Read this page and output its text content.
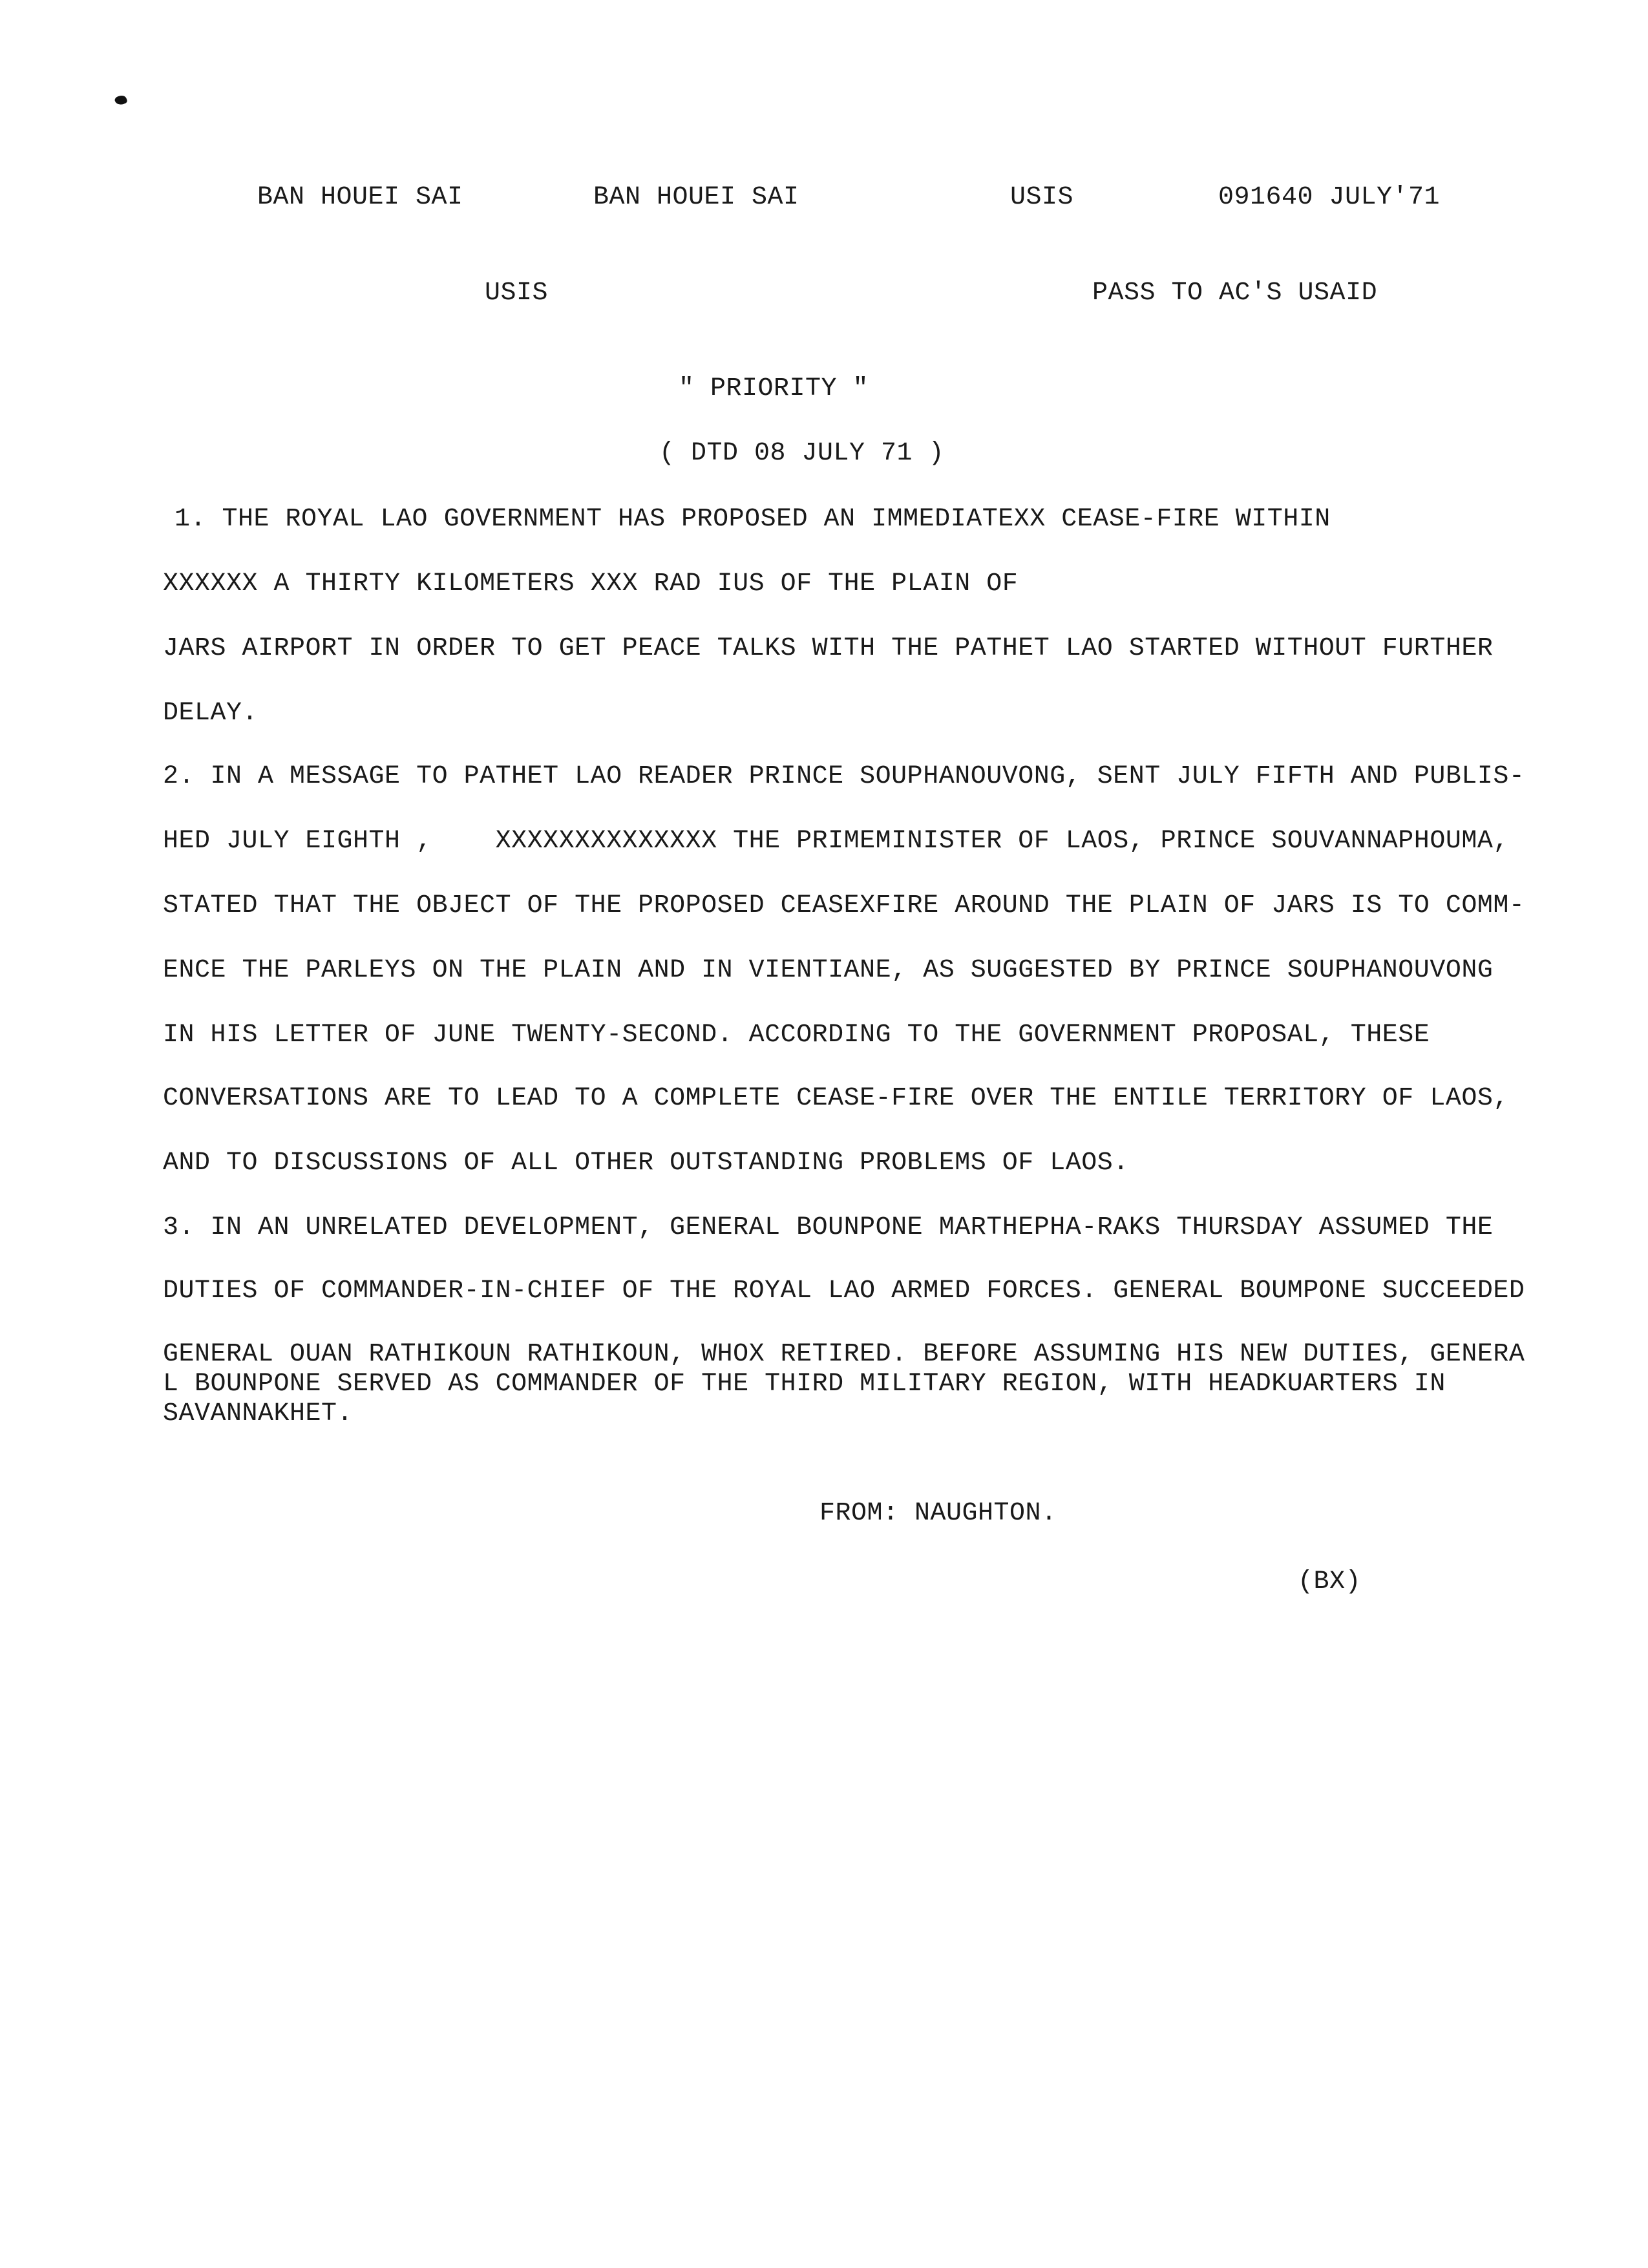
BAN HOUEI SAI	BAN HOUEI SAI	USIS	091640 JULY'71
USIS	PASS TO AC'S USAID
" PRIORITY "
( DTD 08 JULY 71 )
1. THE ROYAL LAO GOVERNMENT HAS PROPOSED AN IMMEDIATEXX CEASE-FIRE WITHIN
XXXXXX A THIRTY KILOMETERS XXX RAD IUS OF THE PLAIN OF
JARS AIRPORT IN ORDER TO GET PEACE TALKS WITH THE PATHET LAO STARTED WITHOUT FURTHER
DELAY.
2. IN A MESSAGE TO PATHET LAO READER PRINCE SOUPHANOUVONG, SENT JULY FIFTH AND PUBLIS-
HED JULY EIGHTH ,    XXXXXXXXXXXXXX THE PRIMEMINISTER OF LAOS, PRINCE SOUVANNAPHOUMA,
STATED THAT THE OBJECT OF THE PROPOSED CEASEXFIRE AROUND THE PLAIN OF JARS IS TO COMM-
ENCE THE PARLEYS ON THE PLAIN AND IN VIENTIANE, AS SUGGESTED BY PRINCE SOUPHANOUVONG
IN HIS LETTER OF JUNE TWENTY-SECOND. ACCORDING TO THE GOVERNMENT PROPOSAL, THESE
CONVERSATIONS ARE TO LEAD TO A COMPLETE CEASE-FIRE OVER THE ENTILE TERRITORY OF LAOS,
AND TO DISCUSSIONS OF ALL OTHER OUTSTANDING PROBLEMS OF LAOS.
3. IN AN UNRELATED DEVELOPMENT, GENERAL BOUNPONE MARTHEPHA-RAKS THURSDAY ASSUMED THE
DUTIES OF COMMANDER-IN-CHIEF OF THE ROYAL LAO ARMED FORCES. GENERAL BOUMPONE SUCCEEDED
GENERAL OUAN RATHIKOUN RATHIKOUN, WHOX RETIRED. BEFORE ASSUMING HIS NEW DUTIES, GENERA
L BOUNPONE SERVED AS COMMANDER OF THE THIRD MILITARY REGION, WITH HEADKUARTERS IN
SAVANNAKHET.
FROM: NAUGHTON.
(BX)
